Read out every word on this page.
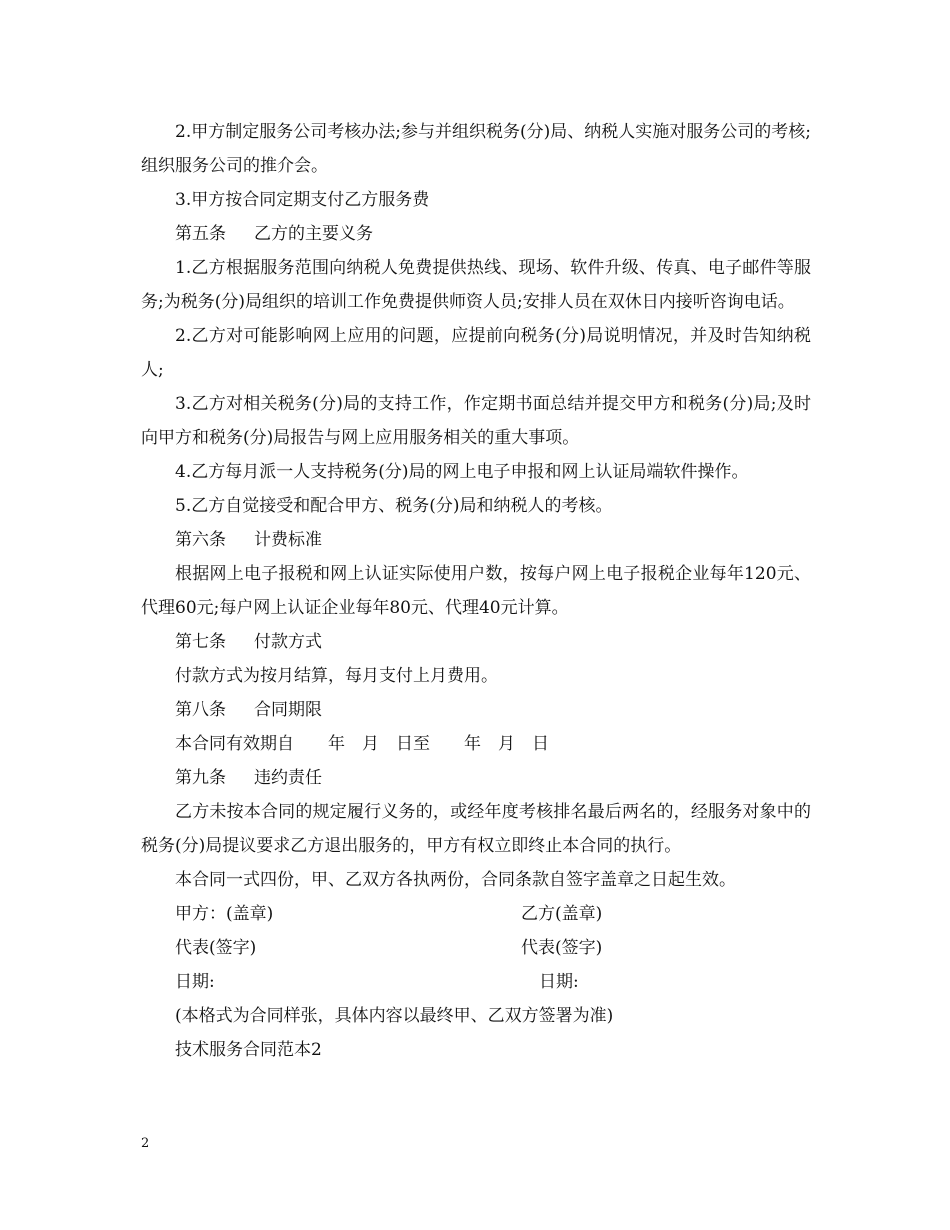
2.甲方制定服务公司考核办法;参与并组织税务(分)局、纳税人实施对服务公司的考核;组织服务公司的推介会。

3.甲方按合同定期支付乙方服务费

第五条 乙方的主要义务

1.乙方根据服务范围向纳税人免费提供热线、现场、软件升级、传真、电子邮件等服务;为税务(分)局组织的培训工作免费提供师资人员;安排人员在双休日内接听咨询电话。

2.乙方对可能影响网上应用的问题，应提前向税务(分)局说明情况，并及时告知纳税人;

3.乙方对相关税务(分)局的支持工作，作定期书面总结并提交甲方和税务(分)局;及时向甲方和税务(分)局报告与网上应用服务相关的重大事项。

4.乙方每月派一人支持税务(分)局的网上电子申报和网上认证局端软件操作。

5.乙方自觉接受和配合甲方、税务(分)局和纳税人的考核。

第六条 计费标准

根据网上电子报税和网上认证实际使用户数，按每户网上电子报税企业每年120元、代理60元;每户网上认证企业每年80元、代理40元计算。

第七条 付款方式

付款方式为按月结算，每月支付上月费用。

第八条 合同期限

本合同有效期自　　年　月　日至　　年　月　日

第九条 违约责任

乙方未按本合同的规定履行义务的，或经年度考核排名最后两名的，经服务对象中的税务(分)局提议要求乙方退出服务的，甲方有权立即终止本合同的执行。

本合同一式四份，甲、乙双方各执两份，合同条款自签字盖章之日起生效。

甲方：(盖章)	乙方(盖章)
代表(签字)	代表(签字)
日期:	日期:

(本格式为合同样张，具体内容以最终甲、乙双方签署为准)

技术服务合同范本2

2
